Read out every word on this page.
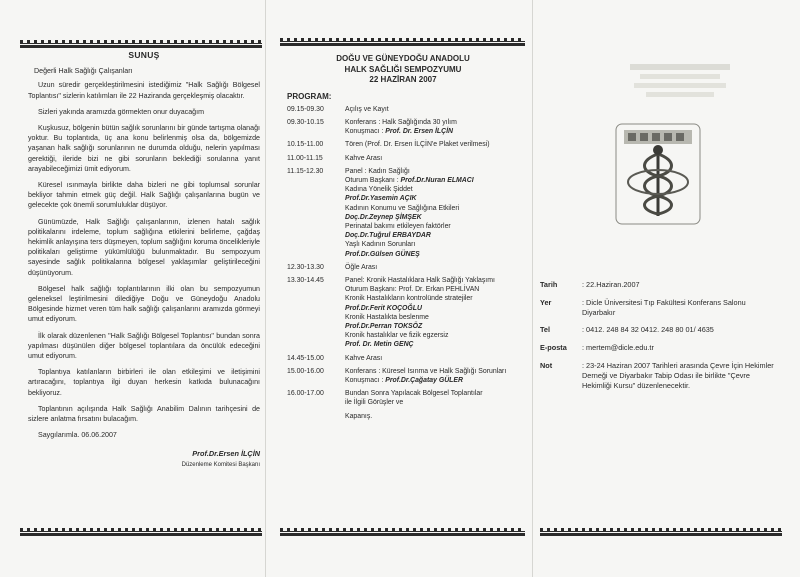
SUNUŞ

Değerli Halk Sağlığı Çalışanları

Uzun süredir gerçekleştirilmesini istediğimiz "Halk Sağlığı Bölgesel Toplantısı" sizlerin katılımları ile 22 Haziranda gerçekleşmiş olacaktır.

Sizleri yakında aramızda görmekten onur duyacağım

Kuşkusuz, bölgenin bütün sağlık sorunlarını bir günde tartışma olanağı yoktur. Bu toplantıda, üç ana konu belirlenmiş olsa da, bölgemizde yaşanan halk sağlığı sorunlarının ne durumda olduğu, nelerin yapılması gerektiği, ileride bizi ne gibi sorunların beklediği sorularına yanıt arayabileceğimizi ümit ediyorum.

Küresel ısınmayla birlikte daha bizleri ne gibi toplumsal sorunlar bekliyor tahmin etmek güç değil. Halk Sağlığı çalışanlarına bugün ve gelecekte çok önemli sorumluluklar düşüyor.

Günümüzde, Halk Sağlığı çalışanlarının, izlenen hatalı sağlık politikalarını irdeleme, toplum sağlığına etkilerini belirleme, çağdaş hekimlik anlayışına ters düşmeyen, toplum sağlığını koruma öncelikleriyle politikaları geliştirme yükümlülüğü bulunmaktadır. Bu sempozyum sayesinde sağlık politikalarına bölgesel yaklaşımlar geliştirileceğini düşünüyorum.

Bölgesel halk sağlığı toplantılarının ilki olan bu sempozyumun geleneksel leştirilmesini dilediğiye Doğu ve Güneydoğu Anadolu Bölgesinde hizmet veren tüm halk sağlığı çalışanlarını aramızda görmeyi umut ediyorum.

İlk olarak düzenlenen "Halk Sağlığı Bölgesel Toplantısı" bundan sonra yapılması düşünülen diğer bölgesel toplantılara da öncülük edeceğini umut ediyorum.

Toplantıya katılanların birbirleri ile olan etkileşimi ve iletişimini artıracağını, toplantıya ilgi duyan herkesin katkıda bulunacağını bekliyoruz.

Toplantının açılışında Halk Sağlığı Anabilim Dalının tarihçesini de sizlere anlatma fırsatını bulacağım.

Saygılarımla. 06.06.2007

Prof.Dr.Ersen İLÇİN
Düzenleme Komitesi Başkanı
DOĞU VE GÜNEYDOĞU ANADOLU
HALK SAĞLIĞI SEMPOZYUMU
22 HAZİRAN 2007
PROGRAM:
09.15-09.30	Açılış ve Kayıt
09.30-10.15	Konferans : Halk Sağlığında 30 yılım
Konuşmacı : Prof. Dr. Ersen İLÇİN
10.15-11.00	Tören (Prof. Dr. Ersen İLÇİN'e Plaket verilmesi)
11.00-11.15	Kahve Arası
11.15-12.30	Panel : Kadın Sağlığı
Oturum Başkanı : Prof.Dr.Nuran ELMACI
Kadına Yönelik Şiddet
Prof.Dr.Yasemin AÇIK
Kadının Konumu ve Sağlığına Etkileri
Doç.Dr.Zeynep ŞİMŞEK
Perinatal bakımı etkileyen faktörler
Doç.Dr.Tuğrul ERBAYDAR
Yaşlı Kadının Sorunları
Prof.Dr.Gülsen GÜNEŞ
12.30-13.30	Öğle Arası
13.30-14.45	Panel: Kronik Hastalıklara Halk Sağlığı Yaklaşımı
Oturum Başkanı: Prof. Dr. Erkan PEHLİVAN
Kronik Hastalıkların kontrolünde stratejiler
Prof.Dr.Ferit KOÇOĞLU
Kronik Hastalıkta beslenme
Prof.Dr.Perran TOKSÖZ
Kronik hastalıklar ve fizik egzersiz
Prof. Dr. Metin GENÇ
14.45-15.00	Kahve Arası
15.00-16.00	Konferans : Küresel Isınma ve Halk Sağlığı Sorunları
Konuşmacı : Prof.Dr.Çağatay GÜLER
16.00-17.00	Bundan Sonra Yapılacak Bölgesel Toplantılar
ile İlgili Görüşler ve
Kapanış.
Tarih	: 22.Haziran.2007
Yer	: Dicle Üniversitesi Tıp Fakültesi Konferans Salonu Diyarbakır
Tel	: 0412. 248 84 32 0412. 248 80 01/ 4635
E-posta	: mertem@dicle.edu.tr
Not	: 23-24 Haziran 2007 Tarihleri arasında Çevre İçin Hekimler Derneği ve Diyarbakır Tabip Odası ile birlikte "Çevre Hekimliği Kursu" düzenlenecektir.
